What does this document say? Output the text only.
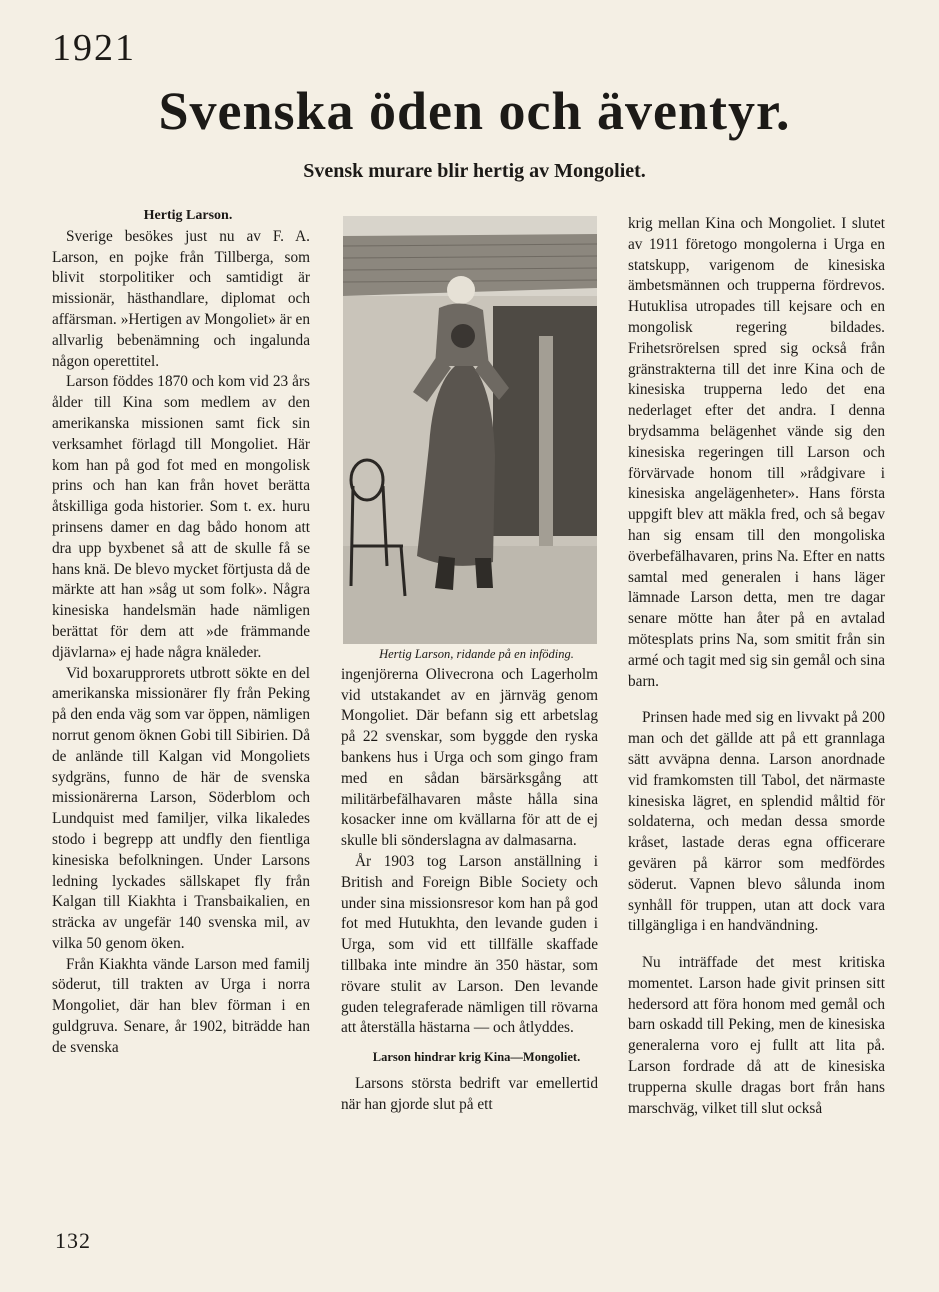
1921
Svenska öden och äventyr.
Svensk murare blir hertig av Mongoliet.

Hertig Larson.

Sverige besökes just nu av F. A. Larson, en pojke från Tillberga, som blivit storpolitiker och samtidigt är missionär, hästhandlare, diplomat och affärsman. »Hertigen av Mongoliet» är en allvarlig bebenämning och ingalunda någon operettitel.

Larson föddes 1870 och kom vid 23 års ålder till Kina som medlem av den amerikanska missionen samt fick sin verksamhet förlagd till Mongoliet. Här kom han på god fot med en mongolisk prins och han kan från hovet berätta åtskilliga goda historier. Som t. ex. huru prinsens damer en dag bådo honom att dra upp byxbenet så att de skulle få se hans knä. De blevo mycket förtjusta då de märkte att han »såg ut som folk». Några kinesiska handelsmän hade nämligen berättat för dem att »de främmande djävlarna» ej hade några knäleder.

Vid boxarupprorets utbrott sökte en del amerikanska missionärer fly från Peking på den enda väg som var öppen, nämligen norrut genom öknen Gobi till Sibirien. Då de anlände till Kalgan vid Mongoliets sydgräns, funno de här de svenska missionärerna Larson, Söderblom och Lundquist med familjer, vilka likaledes stodo i begrepp att undfly den fientliga kinesiska befolkningen. Under Larsons ledning lyckades sällskapet fly från Kalgan till Kiakhta i Transbaikalien, en sträcka av ungefär 140 svenska mil, av vilka 50 genom öken.

Från Kiakhta vände Larson med familj söderut, till trakten av Urga i norra Mongoliet, där han blev förman i en guldgruva. Senare, år 1902, biträdde han de svenska

Hertig Larson, ridande på en inföding.

ingenjörerna Olivecrona och Lagerholm vid utstakandet av en järnväg genom Mongoliet. Där befann sig ett arbetslag på 22 svenskar, som byggde den ryska bankens hus i Urga och som gingo fram med en sådan bärsärksgång att militärbefälhavaren måste hålla sina kosacker inne om kvällarna för att de ej skulle bli sönderslagna av dalmasarna.

År 1903 tog Larson anställning i British and Foreign Bible Society och under sina missionsresor kom han på god fot med Hutukhta, den levande guden i Urga, som vid ett tillfälle skaffade tillbaka inte mindre än 350 hästar, som rövare stulit av Larson. Den levande guden telegraferade nämligen till rövarna att återställa hästarna — och åtlyddes.

Larson hindrar krig Kina—Mongoliet.

Larsons största bedrift var emellertid när han gjorde slut på ett

krig mellan Kina och Mongoliet. I slutet av 1911 företogo mongolerna i Urga en statskupp, varigenom de kinesiska ämbetsmännen och trupperna fördrevos. Hutuklisa utropades till kejsare och en mongolisk regering bildades. Frihetsrörelsen spred sig också från gränstrakterna till det inre Kina och de kinesiska trupperna ledo det ena nederlaget efter det andra. I denna brydsamma belägenhet vände sig den kinesiska regeringen till Larson och förvärvade honom till »rådgivare i kinesiska angelägenheter». Hans första uppgift blev att mäkla fred, och så begav han sig ensam till den mongoliska överbefälhavaren, prins Na. Efter en natts samtal med generalen i hans läger lämnade Larson detta, men tre dagar senare mötte han åter på en avtalad mötesplats prins Na, som smitit från sin armé och tagit med sig sin gemål och sina barn.

Prinsen hade med sig en livvakt på 200 man och det gällde att på ett grannlaga sätt avväpna denna. Larson anordnade vid framkomsten till Tabol, det närmaste kinesiska lägret, en splendid måltid för soldaterna, och medan dessa smorde kråset, lastade deras egna officerare gevären på kärror som medfördes söderut. Vapnen blevo sålunda inom synhåll för truppen, utan att dock vara tillgängliga i en handvändning.

Nu inträffade det mest kritiska momentet. Larson hade givit prinsen sitt hedersord att föra honom med gemål och barn oskadd till Peking, men de kinesiska generalerna voro ej fullt att lita på. Larson fordrade då att de kinesiska trupperna skulle dragas bort från hans marschväg, vilket till slut också

132
